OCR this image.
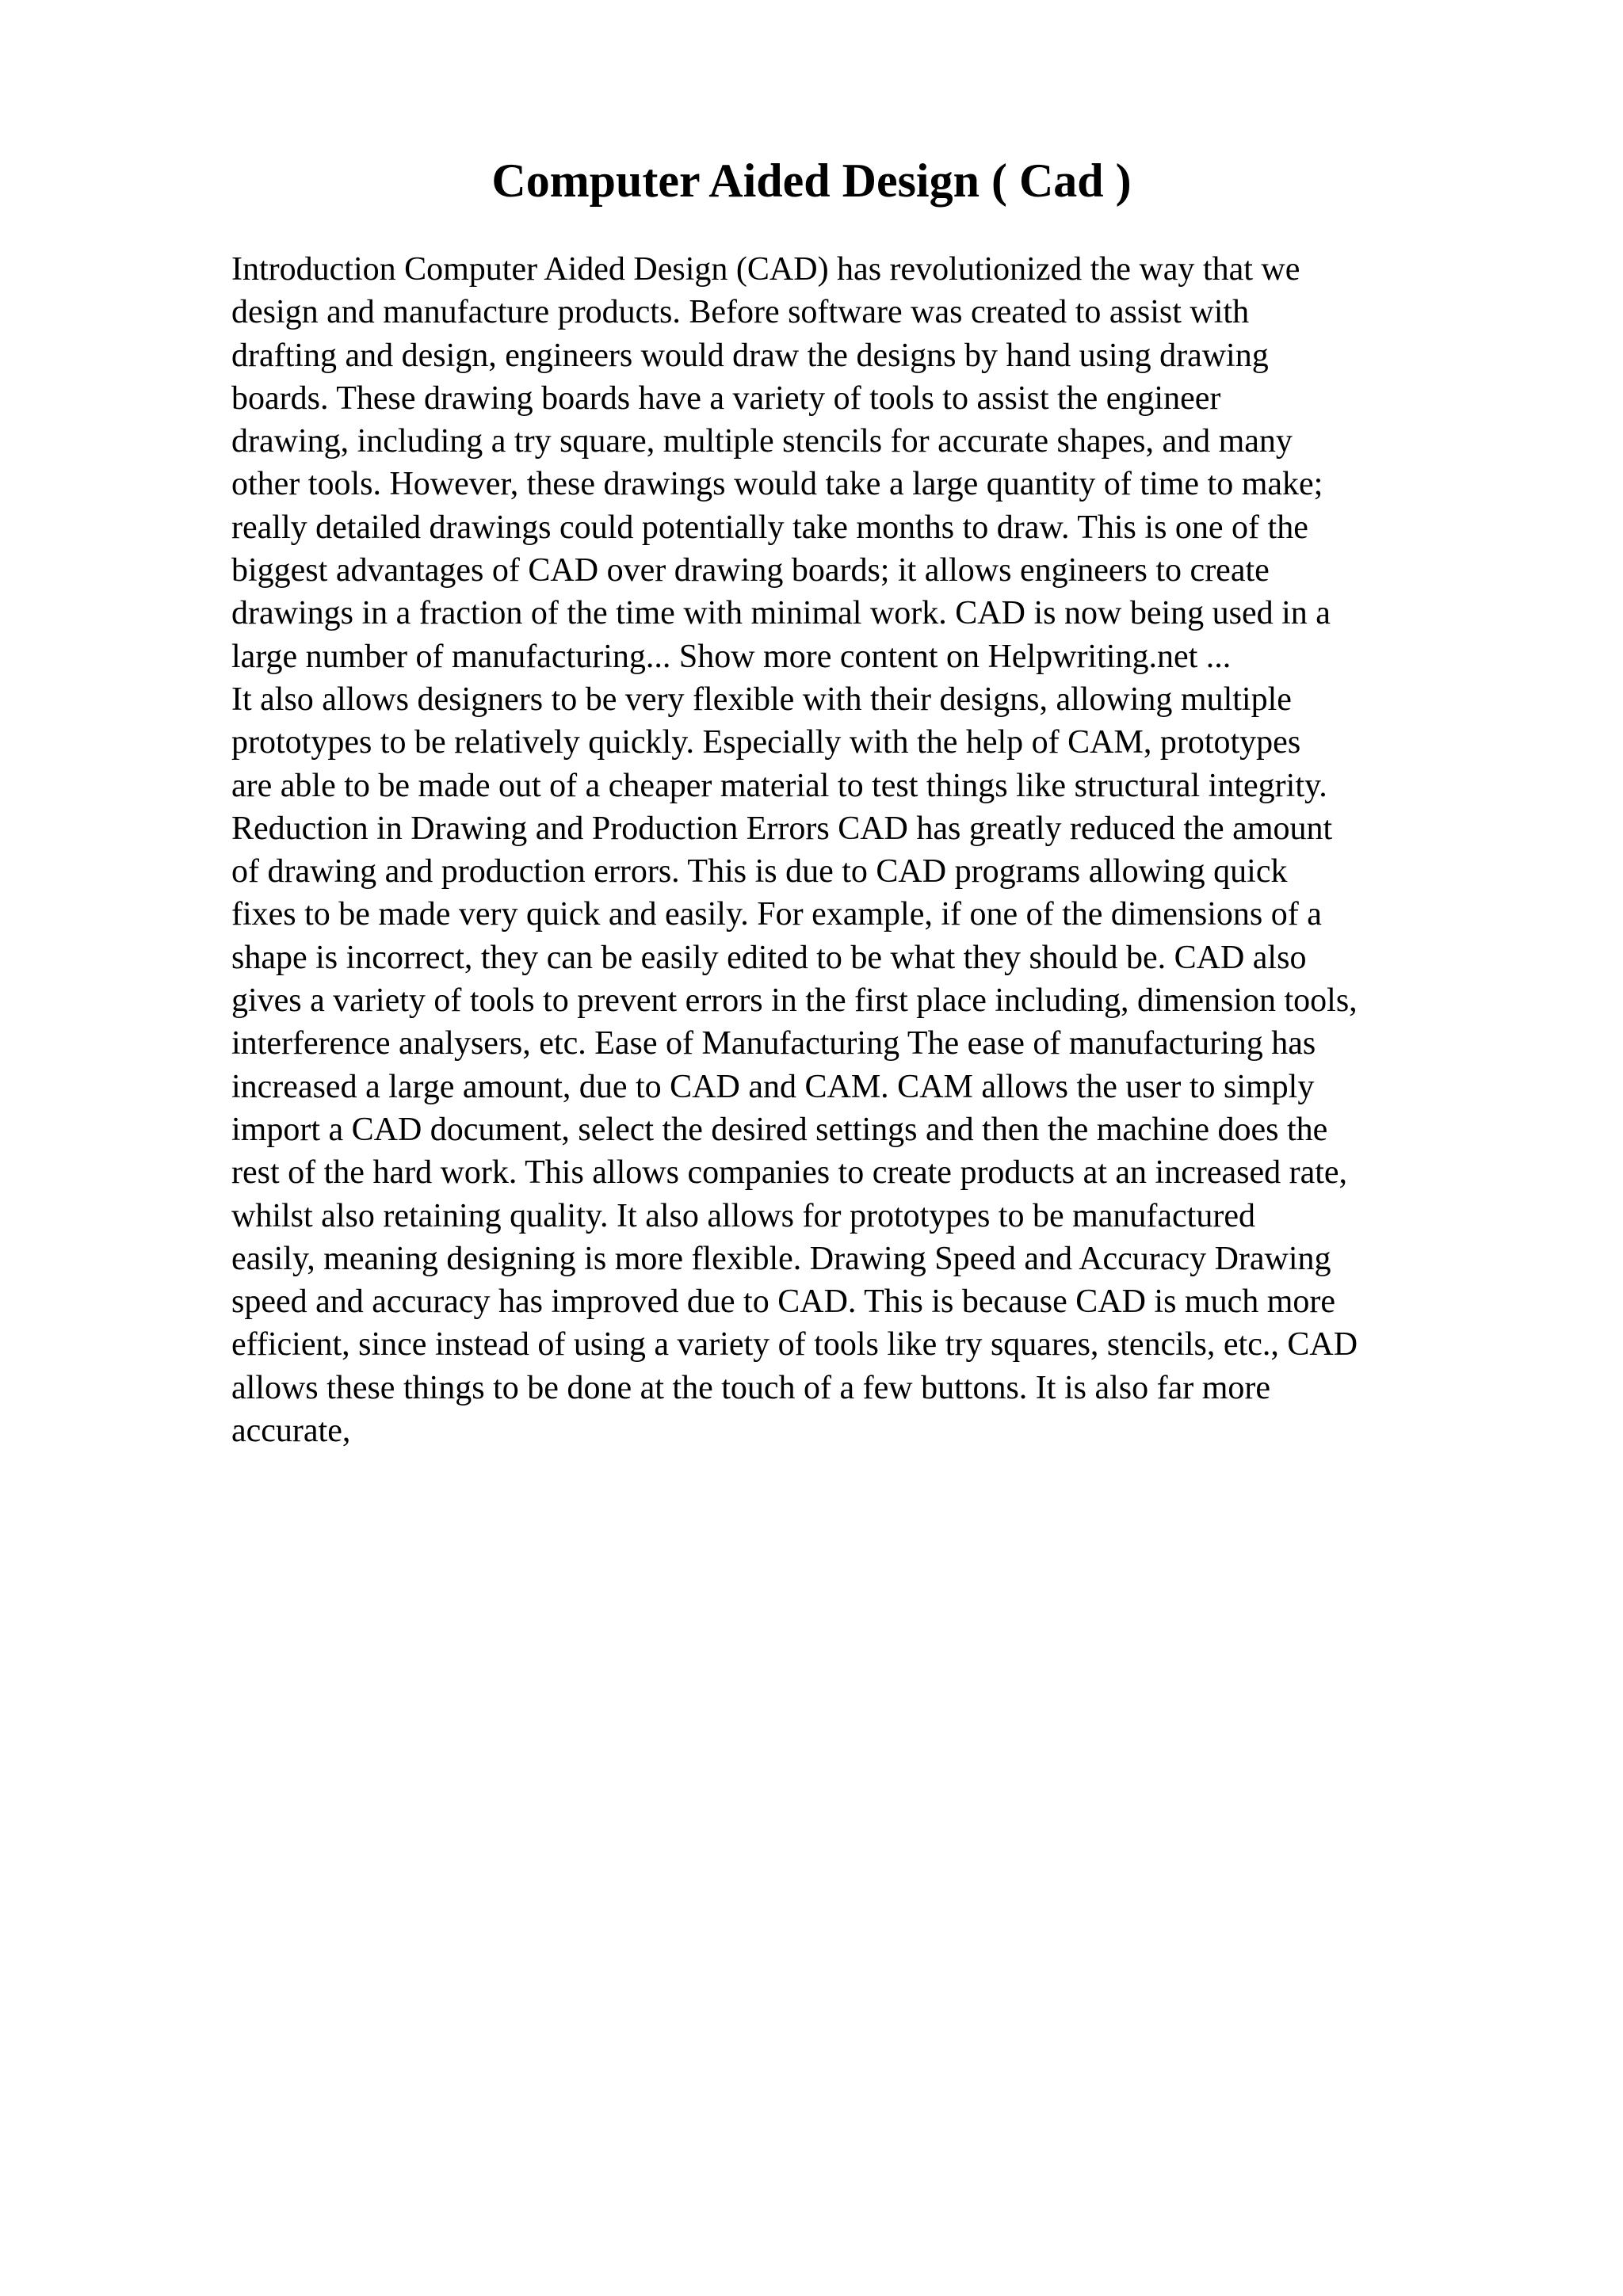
Computer Aided Design ( Cad )
Introduction Computer Aided Design (CAD) has revolutionized the way that we
design and manufacture products. Before software was created to assist with
drafting and design, engineers would draw the designs by hand using drawing
boards. These drawing boards have a variety of tools to assist the engineer
drawing, including a try square, multiple stencils for accurate shapes, and many
other tools. However, these drawings would take a large quantity of time to make;
really detailed drawings could potentially take months to draw. This is one of the
biggest advantages of CAD over drawing boards; it allows engineers to create
drawings in a fraction of the time with minimal work. CAD is now being used in a
large number of manufacturing... Show more content on Helpwriting.net ...
It also allows designers to be very flexible with their designs, allowing multiple
prototypes to be relatively quickly. Especially with the help of CAM, prototypes
are able to be made out of a cheaper material to test things like structural integrity.
Reduction in Drawing and Production Errors CAD has greatly reduced the amount
of drawing and production errors. This is due to CAD programs allowing quick
fixes to be made very quick and easily. For example, if one of the dimensions of a
shape is incorrect, they can be easily edited to be what they should be. CAD also
gives a variety of tools to prevent errors in the first place including, dimension tools,
interference analysers, etc. Ease of Manufacturing The ease of manufacturing has
increased a large amount, due to CAD and CAM. CAM allows the user to simply
import a CAD document, select the desired settings and then the machine does the
rest of the hard work. This allows companies to create products at an increased rate,
whilst also retaining quality. It also allows for prototypes to be manufactured
easily, meaning designing is more flexible. Drawing Speed and Accuracy Drawing
speed and accuracy has improved due to CAD. This is because CAD is much more
efficient, since instead of using a variety of tools like try squares, stencils, etc., CAD
allows these things to be done at the touch of a few buttons. It is also far more
accurate,
